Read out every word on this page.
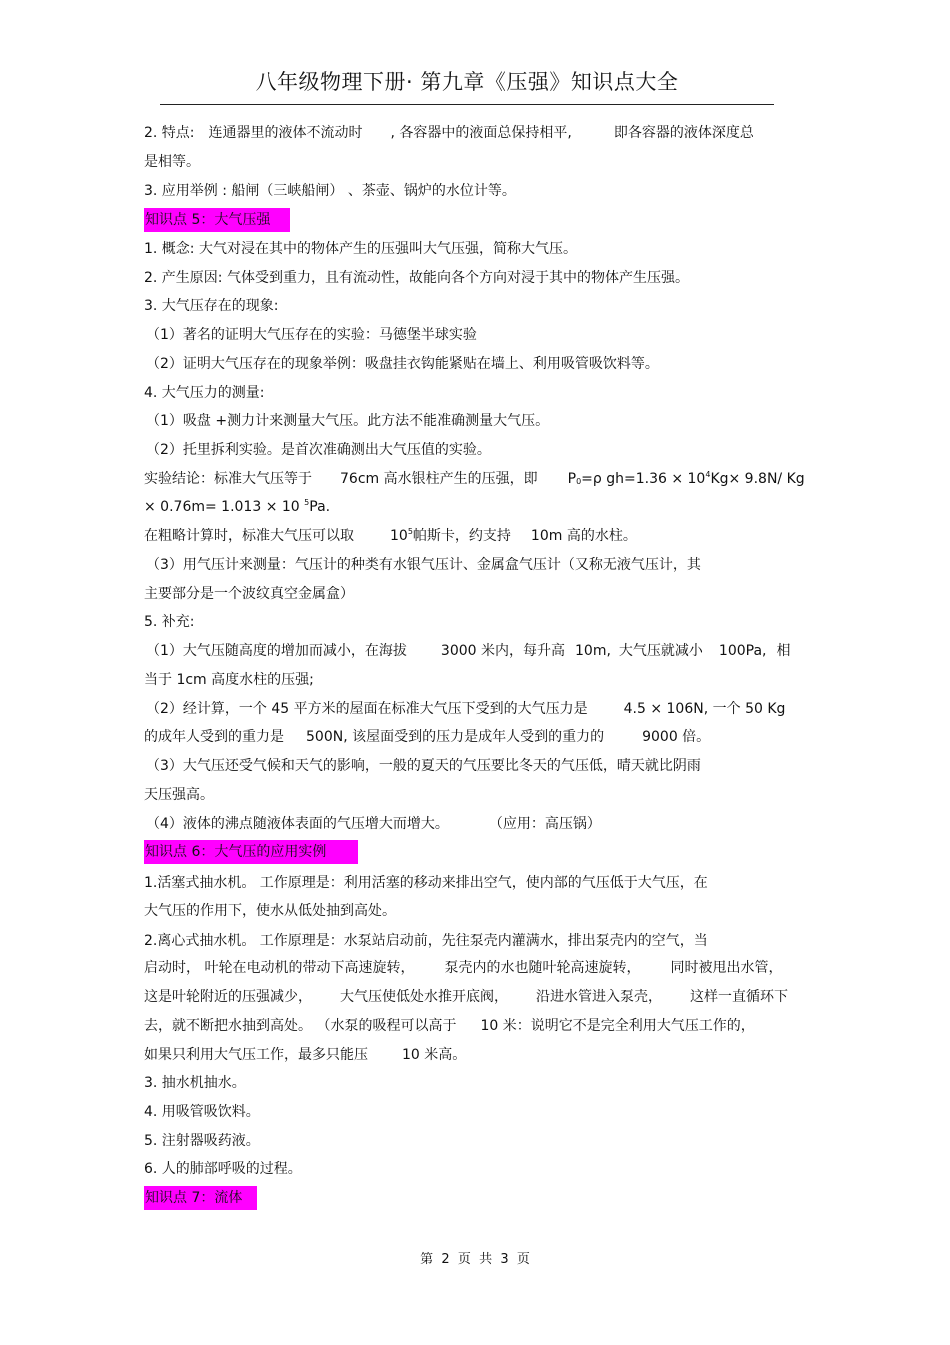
八年级物理下册· 第九章《压强》知识点大全
2. 特点: 连通器里的液体不流动时 , 各容器中的液面总保持相平,	即各容器的液体深度总
是相等。
3. 应用举例 : 船闸（三峡船闸） 、茶壶、锅炉的水位计等。
知识点 5：大气压强
1. 概念: 大气对浸在其中的物体产生的压强叫大气压强，简称大气压。
2. 产生原因: 气体受到重力，且有流动性，故能向各个方向对浸于其中的物体产生压强。
3. 大气压存在的现象:
（1）著名的证明大气压存在的实验：马德堡半球实验
（2）证明大气压存在的现象举例：吸盘挂衣钩能紧贴在墙上、利用吸管吸饮料等。
4. 大气压力的测量:
（1）吸盘 +测力计来测量大气压。此方法不能准确测量大气压。
（2）托里拆利实验。是首次准确测出大气压值的实验。
实验结论：标准大气压等于 76cm 高水银柱产生的压强，即 $P_0=\rho$ $gh=1.36 \times 10^4Kg\times 9.8N/$ Kg
× 0.76m= 1.013 × 10 $^5$Pa.
在粗略计算时，标准大气压可以取	$10^5$帕斯卡，约支持 10m 高的水柱。
（3）用气压计来测量：气压计的种类有水银气压计、金属盒气压计（又称无液气压计，其
主要部分是一个波纹真空金属盒）
5. 补充:
（1）大气压随高度的增加而减小，在海拔 3000 米内，每升高 10m, 大气压就减小 100Pa, 相
当于 1cm 高度水柱的压强;
（2）经计算，一个 45 平方米的屋面在标准大气压下受到的大气压力是	4.5 × 106N, 一个 50 Kg
的成年人受到的重力是 500N, 该屋面受到的压力是成年人受到的重力的	9000 倍。
（3）大气压还受气候和天气的影响，一般的夏天的气压要比冬天的气压低，晴天就比阴雨
天压强高。
（4）液体的沸点随液体表面的气压增大而增大。	（应用：高压锅）
知识点 6：大气压的应用实例
1.活塞式抽水机。 工作原理是：利用活塞的移动来排出空气，使内部的气压低于大气压，在
大气压的作用下，使水从低处抽到高处。
2.离心式抽水机。 工作原理是：水泵站启动前，先往泵壳内灌满水，排出泵壳内的空气，当
启动时， 叶轮在电动机的带动下高速旋转， 泵壳内的水也随叶轮高速旋转， 同时被甩出水管，
这是叶轮附近的压强减少， 大气压使低处水推开底阀， 沿进水管进入泵壳， 这样一直循环下
去，就不断把水抽到高处。 （水泵的吸程可以高于 10 米：说明它不是完全利用大气压工作的，
如果只利用大气压工作，最多只能压 10 米高。
3. 抽水机抽水。
4. 用吸管吸饮料。
5. 注射器吸药液。
6. 人的肺部呼吸的过程。
知识点 7：流体
第  2  页  共  3  页
